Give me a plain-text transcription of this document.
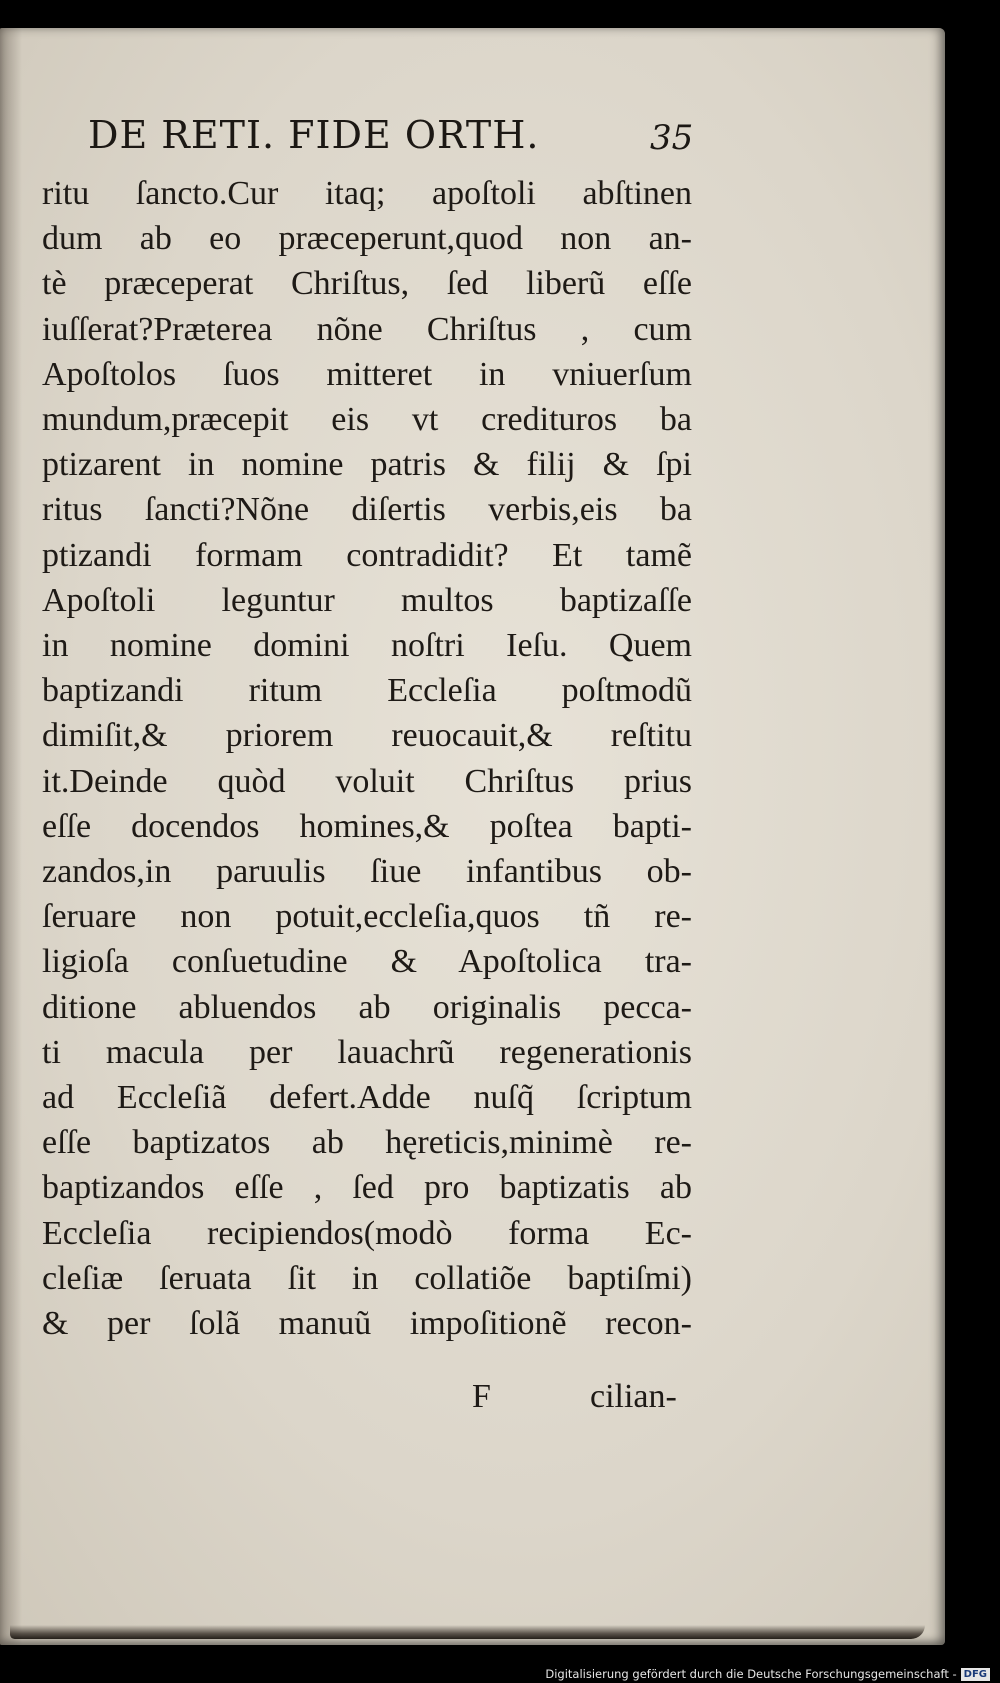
DE RETI. FIDE ORTH.	35
ritu ſancto.Cur itaq; apoſtoli abſtinen
dum ab eo præceperunt,quod non an-
tè præceperat Chriſtus, ſed liberũ eſſe
iuſſerat?Præterea nõne Chriſtus , cum
Apoſtolos ſuos mitteret in vniuerſum
mundum,præcepit eis vt credituros ba
ptizarent in nomine patris & filij & ſpi
ritus ſancti?Nõne diſertis verbis,eis ba
ptizandi formam contradidit? Et tamẽ
Apoſtoli leguntur multos baptizaſſe
in nomine domini noſtri Ieſu. Quem
baptizandi ritum Eccleſia poſtmodũ
dimiſit,& priorem reuocauit,& reſtitu
it.Deinde quòd voluit Chriſtus prius
eſſe docendos homines,& poſtea bapti-
zandos,in paruulis ſiue infantibus ob-
ſeruare non potuit,eccleſia,quos tñ re-
ligioſa conſuetudine & Apoſtolica tra-
ditione abluendos ab originalis pecca-
ti macula per lauachrũ regenerationis
ad Eccleſiã defert.Adde nuſq̃ ſcriptum
eſſe baptizatos ab hęreticis,minimè re-
baptizandos eſſe , ſed pro baptizatis ab
Eccleſia recipiendos(modò forma Ec-
cleſiæ ſeruata ſit in collatiõe baptiſmi)
& per ſolã manuũ impoſitionẽ recon-
F	cilian-
Digitalisierung gefördert durch die Deutsche Forschungsgemeinschaft - DFG
